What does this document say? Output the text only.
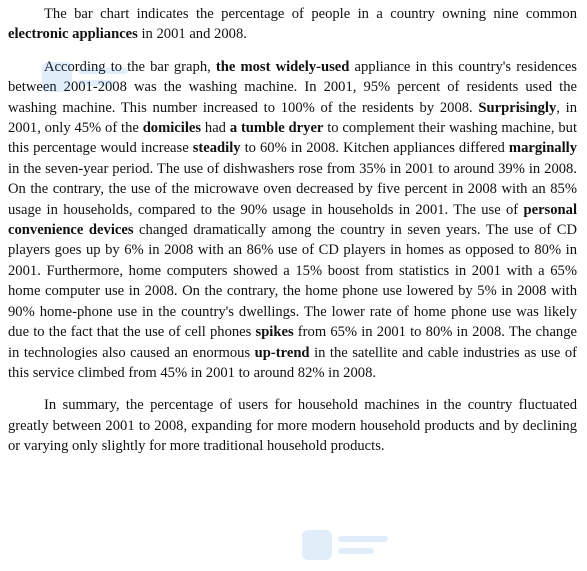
The bar chart indicates the percentage of people in a country owning nine common electronic appliances in 2001 and 2008.

According to the bar graph, the most widely-used appliance in this country's residences between 2001-2008 was the washing machine. In 2001, 95% percent of residents used the washing machine. This number increased to 100% of the residents by 2008. Surprisingly, in 2001, only 45% of the domiciles had a tumble dryer to complement their washing machine, but this percentage would increase steadily to 60% in 2008. Kitchen appliances differed marginally in the seven-year period. The use of dishwashers rose from 35% in 2001 to around 39% in 2008. On the contrary, the use of the microwave oven decreased by five percent in 2008 with an 85% usage in households, compared to the 90% usage in households in 2001. The use of personal convenience devices changed dramatically among the country in seven years. The use of CD players goes up by 6% in 2008 with an 86% use of CD players in homes as opposed to 80% in 2001. Furthermore, home computers showed a 15% boost from statistics in 2001 with a 65% home computer use in 2008. On the contrary, the home phone use lowered by 5% in 2008 with 90% home-phone use in the country's dwellings. The lower rate of home phone use was likely due to the fact that the use of cell phones spikes from 65% in 2001 to 80% in 2008. The change in technologies also caused an enormous up-trend in the satellite and cable industries as use of this service climbed from 45% in 2001 to around 82% in 2008.

In summary, the percentage of users for household machines in the country fluctuated greatly between 2001 to 2008, expanding for more modern household products and by declining or varying only slightly for more traditional household products.
